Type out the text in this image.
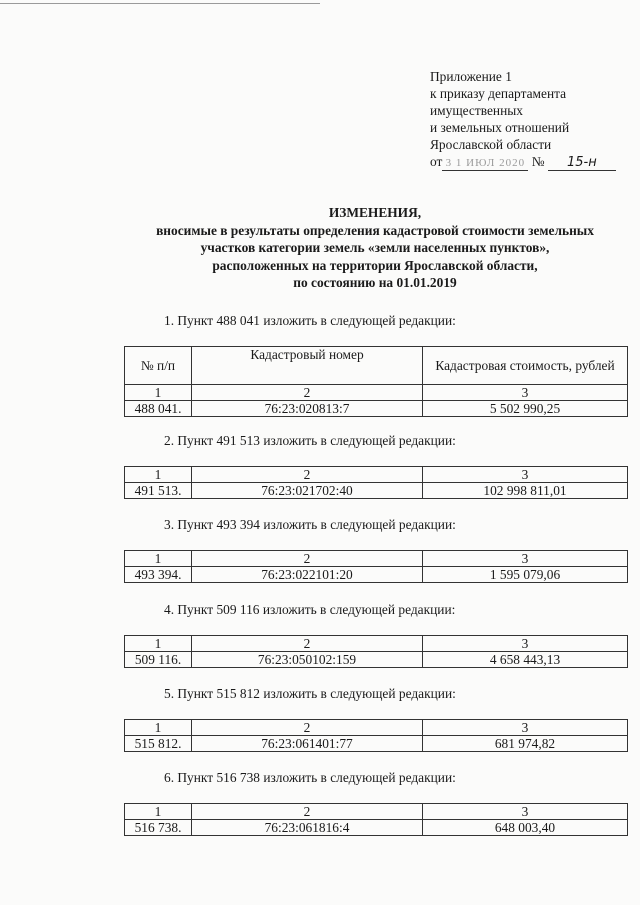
Приложение 1
к приказу департамента
имущественных
и земельных отношений
Ярославской области
от 3 1 ИЮЛ 2020 № 15-н
ИЗМЕНЕНИЯ,
вносимые в результаты определения кадастровой стоимости земельных
участков категории земель «земли населенных пунктов»,
расположенных на территории Ярославской области,
по состоянию на 01.01.2019
1. Пункт 488 041 изложить в следующей редакции:
№ п/п	Кадастровый номер	Кадастровая стоимость, рублей
1	2	3
488 041.	76:23:020813:7	5 502 990,25
2. Пункт 491 513 изложить в следующей редакции:
1	2	3
491 513.	76:23:021702:40	102 998 811,01
3. Пункт 493 394 изложить в следующей редакции:
1	2	3
493 394.	76:23:022101:20	1 595 079,06
4. Пункт 509 116 изложить в следующей редакции:
1	2	3
509 116.	76:23:050102:159	4 658 443,13
5. Пункт 515 812 изложить в следующей редакции:
1	2	3
515 812.	76:23:061401:77	681 974,82
6. Пункт 516 738 изложить в следующей редакции:
1	2	3
516 738.	76:23:061816:4	648 003,40
